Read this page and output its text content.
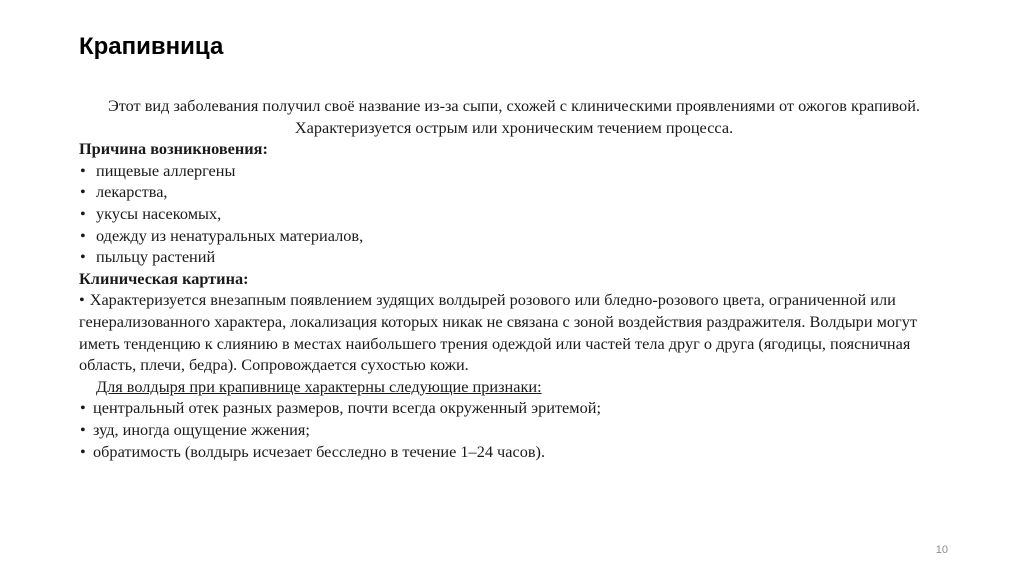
Крапивница

Этот вид заболевания получил своё название из-за сыпи, схожей с клиническими проявлениями от ожогов крапивой. Характеризуется острым или хроническим течением процесса.

Причина возникновения:

• пищевые аллергены
• лекарства,
• укусы насекомых,
• одежду из ненатуральных материалов,
• пыльцу растений

Клиническая картина:

• Характеризуется внезапным появлением зудящих волдырей розового или бледно-розового цвета, ограниченной или генерализованного характера, локализация которых никак не связана с зоной воздействия раздражителя. Волдыри могут иметь тенденцию к слиянию в местах наибольшего трения одеждой или частей тела друг о друга (ягодицы, поясничная область, плечи, бедра). Сопровождается сухостью кожи.

Для волдыря при крапивнице характерны следующие признаки:

• центральный отек разных размеров, почти всегда окруженный эритемой;
• зуд, иногда ощущение жжения;
• обратимость (волдырь исчезает бесследно в течение 1–24 часов).
10
